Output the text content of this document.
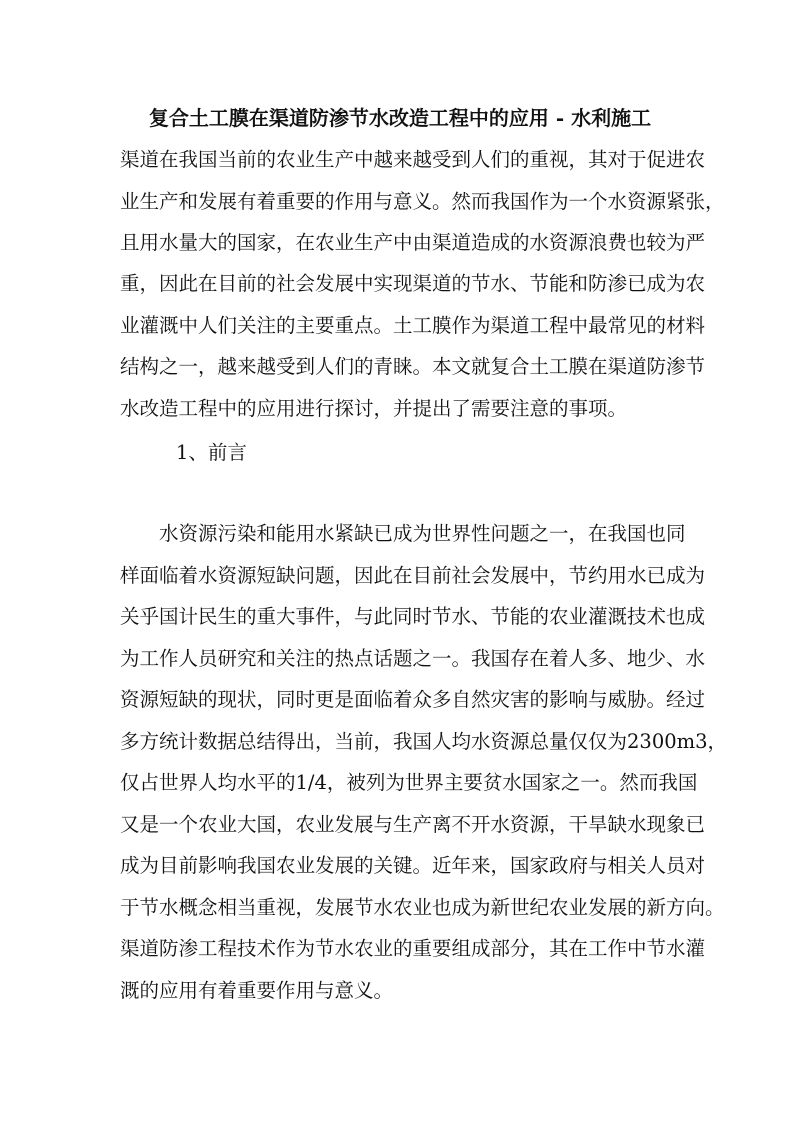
复合土工膜在渠道防渗节水改造工程中的应用 - 水利施工
渠道在我国当前的农业生产中越来越受到人们的重视，其对于促进农
业生产和发展有着重要的作用与意义。然而我国作为一个水资源紧张，
且用水量大的国家，在农业生产中由渠道造成的水资源浪费也较为严
重，因此在目前的社会发展中实现渠道的节水、节能和防渗已成为农
业灌溉中人们关注的主要重点。土工膜作为渠道工程中最常见的材料
结构之一，越来越受到人们的青睐。本文就复合土工膜在渠道防渗节
水改造工程中的应用进行探讨，并提出了需要注意的事项。
1、前言
　　水资源污染和能用水紧缺已成为世界性问题之一，在我国也同
样面临着水资源短缺问题，因此在目前社会发展中，节约用水已成为
关乎国计民生的重大事件，与此同时节水、节能的农业灌溉技术也成
为工作人员研究和关注的热点话题之一。我国存在着人多、地少、水
资源短缺的现状，同时更是面临着众多自然灾害的影响与威胁。经过
多方统计数据总结得出，当前，我国人均水资源总量仅仅为2300m3，
仅占世界人均水平的1/4，被列为世界主要贫水国家之一。然而我国
又是一个农业大国，农业发展与生产离不开水资源，干旱缺水现象已
成为目前影响我国农业发展的关键。近年来，国家政府与相关人员对
于节水概念相当重视，发展节水农业也成为新世纪农业发展的新方向。
渠道防渗工程技术作为节水农业的重要组成部分，其在工作中节水灌
溉的应用有着重要作用与意义。
